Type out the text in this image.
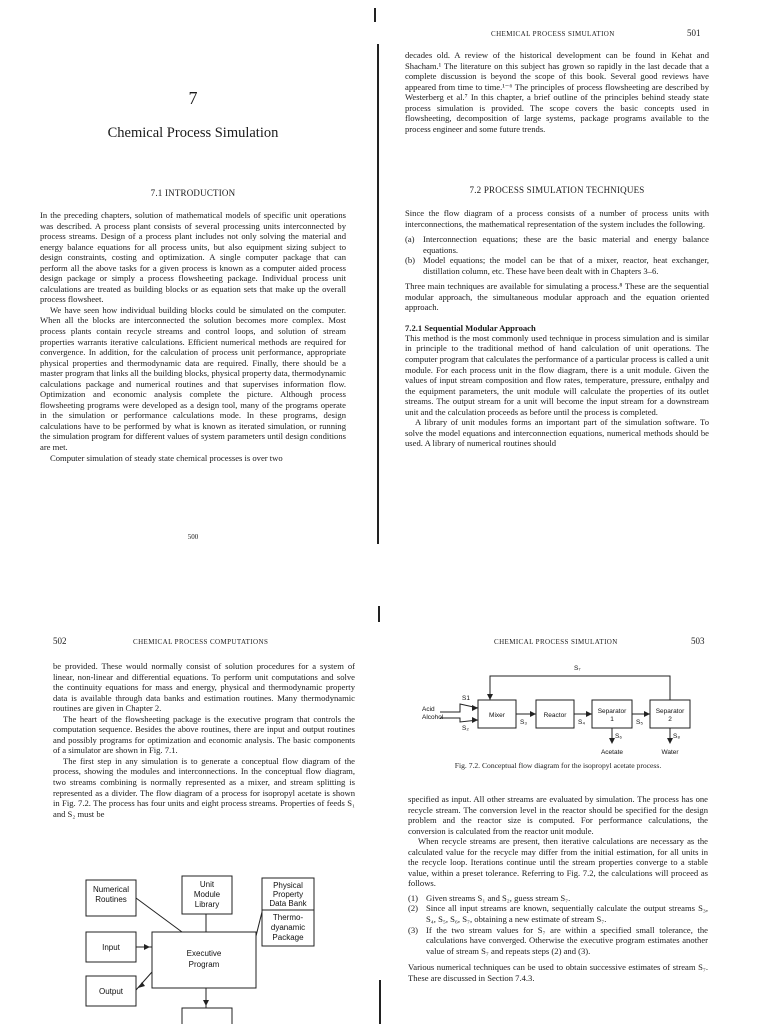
7
Chemical Process Simulation
7.1 INTRODUCTION

In the preceding chapters, solution of mathematical models of specific unit operations was described. A process plant consists of several processing units interconnected by process streams. Design of a process plant includes not only solving the material and energy balance equations for all process units, but also equipment sizing subject to design constraints, costing and optimization. A single computer package that can perform all the above tasks for a given process is known as a computer aided process design package or simply a process flowsheeting package. Individual process unit calculations are treated as building blocks or as equation sets that make up the overall process flowsheet.

We have seen how individual building blocks could be simulated on the computer. When all the blocks are interconnected the solution becomes more complex. Most process plants contain recycle streams and control loops, and solution of stream properties warrants iterative calculations. Efficient numerical methods are required for convergence. In addition, for the calculation of process unit performance, appropriate physical properties and thermodynamic data are required. Finally, there should be a master program that links all the building blocks, physical property data, thermodynamic calculations package and numerical routines and that supervises information flow. Optimization and economic analysis complete the picture. Although process flowsheeting programs were developed as a design tool, many of the programs operate in the simulation or performance calculations mode. In these programs, design calculations have to be performed by what is known as iterated simulation, or running the simulation program for different values of system parameters until design conditions are met.

Computer simulation of steady state chemical processes is over two

500
CHEMICAL PROCESS SIMULATION	501

decades old. A review of the historical development can be found in Kehat and Shacham.¹ The literature on this subject has grown so rapidly in the last decade that a complete discussion is beyond the scope of this book. Several good reviews have appeared from time to time.¹⁻⁶ The principles of process flowsheeting are described by Westerberg et al.⁷ In this chapter, a brief outline of the principles behind steady state process simulation is provided. The scope covers the basic concepts used in flowsheeting, decomposition of large systems, package programs available to the process engineer and some future trends.

7.2 PROCESS SIMULATION TECHNIQUES

Since the flow diagram of a process consists of a number of process units with interconnections, the mathematical representation of the system includes the following.

(a) Interconnection equations; these are the basic material and energy balance equations.
(b) Model equations; the model can be that of a mixer, reactor, heat exchanger, distillation column, etc. These have been dealt with in Chapters 3–6.

Three main techniques are available for simulating a process.⁸ These are the sequential modular approach, the simultaneous modular approach and the equation oriented approach.

7.2.1 Sequential Modular Approach

This method is the most commonly used technique in process simulation and is similar in principle to the traditional method of hand calculation of unit operations. The computer program that calculates the performance of a particular process is called a unit module. For each process unit in the flow diagram, there is a unit module. Given the values of input stream composition and flow rates, temperature, pressure, enthalpy and the equipment parameters, the unit module will calculate the properties of its outlet streams. The output stream for a unit will become the input stream for a downstream unit and the calculation proceeds as before until the process is completed.

A library of unit modules forms an important part of the simulation software. To solve the model equations and interconnection equations, numerical methods should be used. A library of numerical routines should

502	CHEMICAL PROCESS COMPUTATIONS

be provided. These would normally consist of solution procedures for a system of linear, non-linear and differential equations. To perform unit computations and solve the continuity equations for mass and energy, physical and thermodynamic property data is available through data banks and estimation routines. Many thermodynamic routines are given in Chapter 2.

The heart of the flowsheeting package is the executive program that controls the computation sequence. Besides the above routines, there are input and output routines and possibly programs for optimization and economic analysis. The basic components of a simulator are shown in Fig. 7.1.

The first step in any simulation is to generate a conceptual flow diagram of the process, showing the modules and interconnections. In the conceptual flow diagram, two streams combining is normally represented as a mixer, and stream splitting is represented as a divider. The flow diagram of a process for isopropyl acetate is shown in Fig. 7.2. The process has four units and eight process streams. Properties of feeds S₁ and S₂ must be

Numerical
Routines
Unit
Module
Library
Physical
Property
Data Bank
Thermo-
dyanamic
Package
Input
Executive
Program
Output
CHEMICAL PROCESS SIMULATION	503
Acid
Alcohol
S1
S₂
S₃	S₄	S₅
S₆	S₈
S₇
Mixer	Reactor
Separator
1
Separator
2
Acetate	Water
Fig. 7.2. Conceptual flow diagram for the isopropyl acetate process.

specified as input. All other streams are evaluated by simulation. The process has one recycle stream. The conversion level in the reactor should be specified for the design problem and the reactor size is computed. For performance calculations, the conversion is calculated from the reactor unit module.

When recycle streams are present, then iterative calculations are necessary as the calculated value for the recycle may differ from the initial estimation, for all units in the recycle loop. Iterations continue until the stream properties converge to a stable value, within a preset tolerance. Referring to Fig. 7.2, the calculations will proceed as follows.

(1) Given streams S₁ and S₂, guess stream S₇.
(2) Since all input streams are known, sequentially calculate the output streams S₃, S₄, S₅, S₆, S₇, obtaining a new estimate of stream S₇.
(3) If the two stream values for S₇ are within a specified small tolerance, the calculations have converged. Otherwise the executive program estimates another value of stream S₇ and repeats steps (2) and (3).

Various numerical techniques can be used to obtain successive estimates of stream S₇. These are discussed in Section 7.4.3.
